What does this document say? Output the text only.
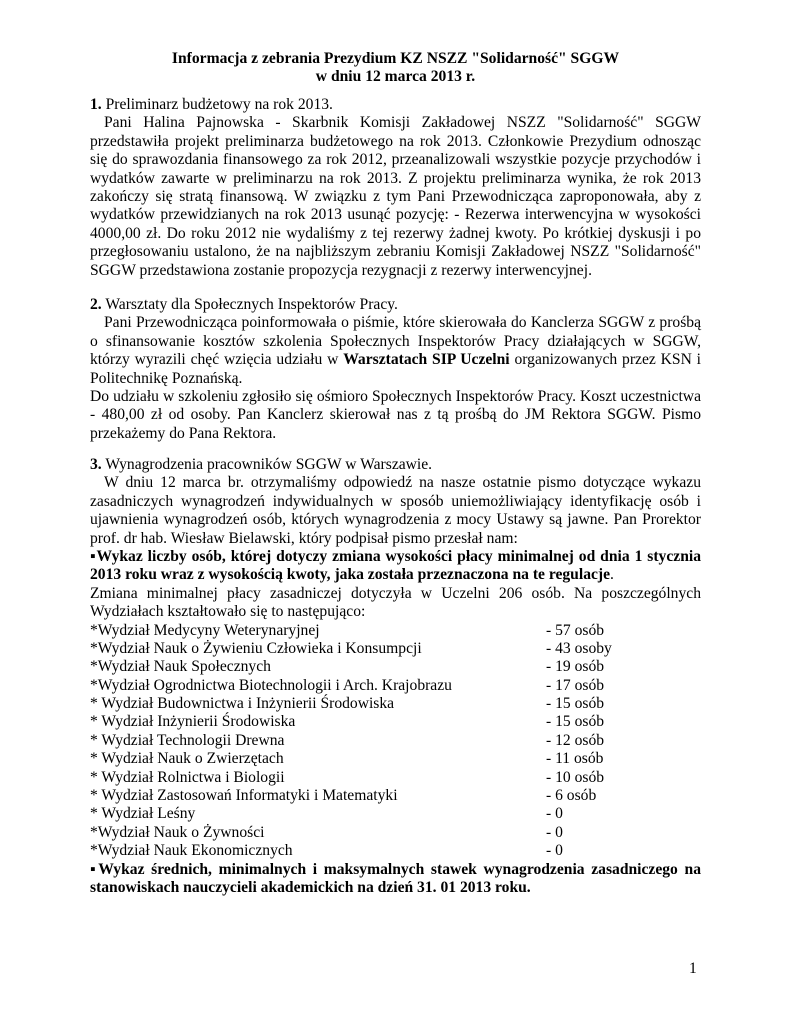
Informacja z zebrania Prezydium KZ NSZZ "Solidarność" SGGW
w dniu 12 marca 2013 r.
1. Preliminarz budżetowy na rok 2013.
Pani Halina Pajnowska - Skarbnik Komisji Zakładowej NSZZ "Solidarność" SGGW
przedstawiła projekt preliminarza budżetowego na rok 2013. Członkowie Prezydium odnosząc
się do sprawozdania finansowego za rok 2012, przeanalizowali wszystkie pozycje przychodów i
wydatków zawarte w preliminarzu na rok 2013. Z projektu preliminarza wynika, że rok 2013
zakończy się stratą finansową. W związku z tym Pani Przewodnicząca zaproponowała, aby z
wydatków przewidzianych na rok 2013 usunąć pozycję: - Rezerwa interwencyjna w wysokości
4000,00 zł. Do roku 2012 nie wydaliśmy z tej rezerwy żadnej kwoty. Po krótkiej dyskusji i po
przegłosowaniu ustalono, że na najbliższym zebraniu Komisji Zakładowej NSZZ "Solidarność"
SGGW przedstawiona zostanie propozycja rezygnacji z rezerwy interwencyjnej.
2. Warsztaty dla Społecznych Inspektorów Pracy.
Pani Przewodnicząca poinformowała o piśmie, które skierowała do Kanclerza SGGW z prośbą
o sfinansowanie kosztów szkolenia Społecznych Inspektorów Pracy działających w SGGW,
którzy wyrazili chęć wzięcia udziału w Warsztatach SIP Uczelni organizowanych przez KSN i
Politechnikę Poznańską.
Do udziału w szkoleniu zgłosiło się ośmioro Społecznych Inspektorów Pracy. Koszt uczestnictwa
- 480,00 zł od osoby. Pan Kanclerz skierował nas z tą prośbą do JM Rektora SGGW. Pismo
przekażemy do Pana Rektora.
3. Wynagrodzenia pracowników SGGW w Warszawie.
W dniu 12 marca br. otrzymaliśmy odpowiedź na nasze ostatnie pismo dotyczące wykazu
zasadniczych wynagrodzeń indywidualnych w sposób uniemożliwiający identyfikację osób i
ujawnienia wynagrodzeń osób, których wynagrodzenia z mocy Ustawy są jawne. Pan Prorektor
prof. dr hab. Wiesław Bielawski, który podpisał pismo przesłał nam:
▪Wykaz liczby osób, której dotyczy zmiana wysokości płacy minimalnej od dnia 1 stycznia
2013 roku wraz z wysokością kwoty, jaka została przeznaczona na te regulacje.
Zmiana minimalnej płacy zasadniczej dotyczyła w Uczelni 206 osób. Na poszczególnych
Wydziałach kształtowało się to następująco:
*Wydział Medycyny Weterynaryjnej	- 57 osób
*Wydział Nauk o Żywieniu Człowieka i Konsumpcji	- 43 osoby
*Wydział Nauk Społecznych	- 19 osób
*Wydział Ogrodnictwa Biotechnologii i Arch. Krajobrazu	- 17 osób
* Wydział Budownictwa i Inżynierii Środowiska	- 15 osób
* Wydział Inżynierii Środowiska	- 15 osób
* Wydział Technologii Drewna	- 12 osób
* Wydział Nauk o Zwierzętach	- 11 osób
* Wydział Rolnictwa i Biologii	- 10 osób
* Wydział Zastosowań Informatyki i Matematyki	- 6 osób
* Wydział Leśny	- 0
*Wydział Nauk o Żywności	- 0
*Wydział Nauk Ekonomicznych	- 0
▪Wykaz średnich, minimalnych i maksymalnych stawek wynagrodzenia zasadniczego na
stanowiskach nauczycieli akademickich na dzień 31. 01 2013 roku.
1
